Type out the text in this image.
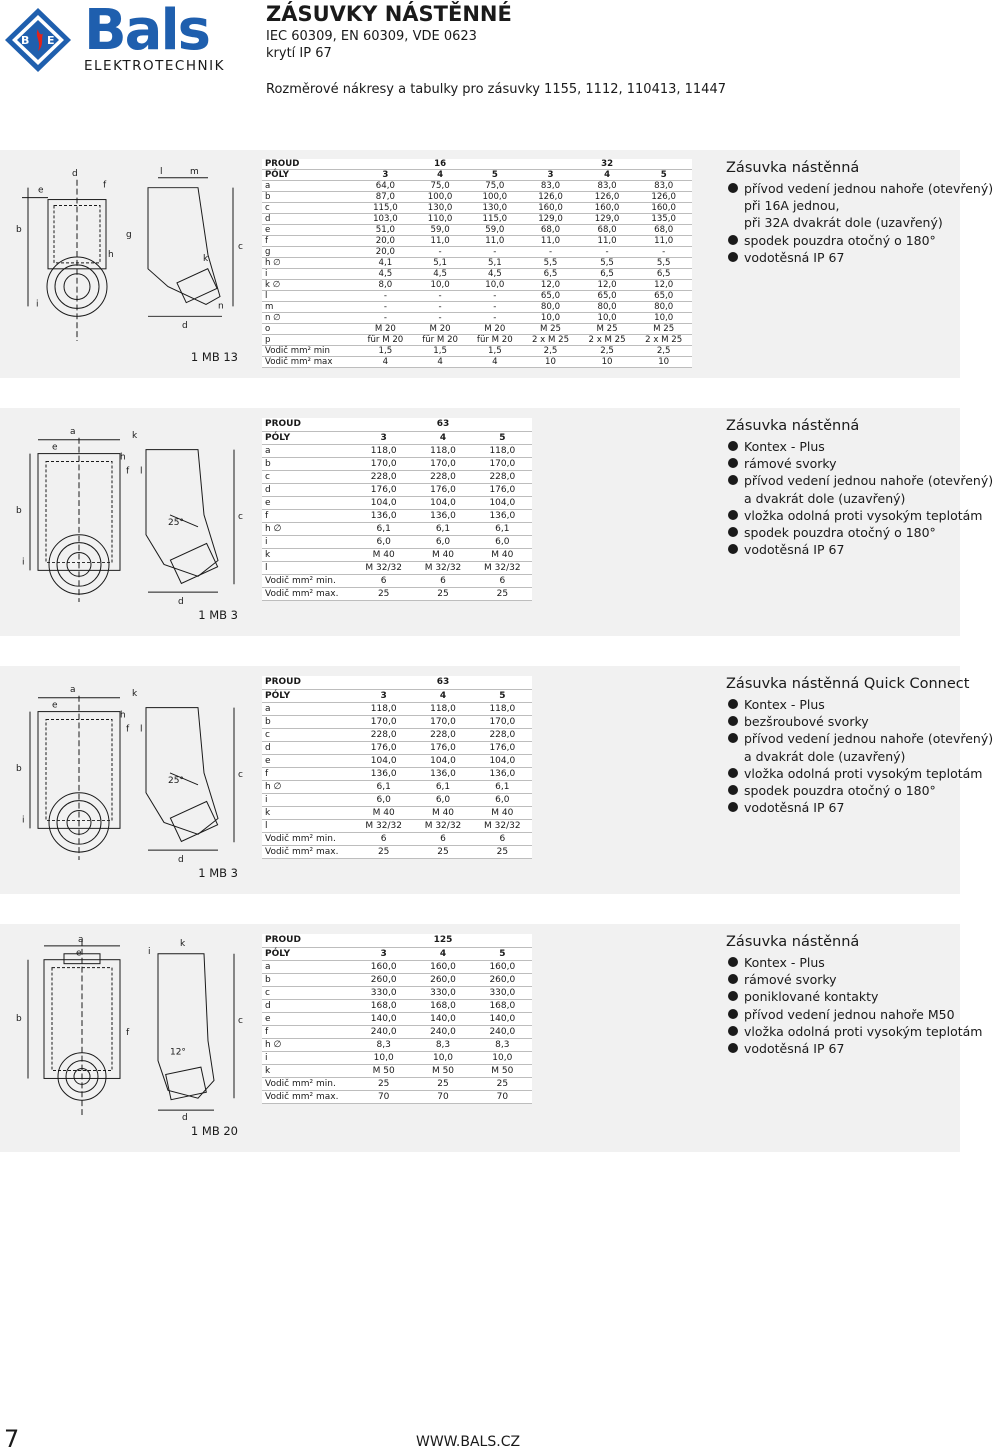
B E Bals
ELEKTROTECHNIK
ZÁSUVKY NÁSTĚNNÉ
IEC 60309, EN 60309, VDE 0623
krytí IP 67
Rozměrové nákresy a tabulky pro zásuvky 1155, 1112, 110413, 11447
d
f
l
e
m
b	g
h	k
c
i	n
d
1 MB 13
PROUD	16			32		
PÓLY	3	4	5	3	4	5
a	64,0	75,0	75,0	83,0	83,0	83,0
b	87,0	100,0	100,0	126,0	126,0	126,0
c	115,0	130,0	130,0	160,0	160,0	160,0
d	103,0	110,0	115,0	129,0	129,0	135,0
e	51,0	59,0	59,0	68,0	68,0	68,0
f	20,0	11,0	11,0	11,0	11,0	11,0
g	20,0	-	-	-	-	-
h ∅	4,1	5,1	5,1	5,5	5,5	5,5
i	4,5	4,5	4,5	6,5	6,5	6,5
k ∅	8,0	10,0	10,0	12,0	12,0	12,0
l	-	-	-	65,0	65,0	65,0
m	-	-	-	80,0	80,0	80,0
n ∅	-	-	-	10,0	10,0	10,0
o	M 20	M 20	M 20	M 25	M 25	M 25
p	für M 20	für M 20	für M 20	2 x M 25	2 x M 25	2 x M 25
Vodič mm² min	1,5	1,5	1,5	2,5	2,5	2,5
Vodič mm² max	4	4	4	10	10	10
Zásuvka nástěnná
přívod vedení jednou nahoře (otevřený)
při 16A jednou,
při 32A dvakrát dole (uzavřený)
spodek pouzdra otočný o 180°
vodotěsná IP 67
a
e
k
h
f l
b
c
i
25°
d
1 MB 3
PROUD	63		
PÓLY	3	4	5
a	118,0	118,0	118,0
b	170,0	170,0	170,0
c	228,0	228,0	228,0
d	176,0	176,0	176,0
e	104,0	104,0	104,0
f	136,0	136,0	136,0
h ∅	6,1	6,1	6,1
i	6,0	6,0	6,0
k	M 40	M 40	M 40
l	M 32/32	M 32/32	M 32/32
Vodič mm² min.	6	6	6
Vodič mm² max.	25	25	25
Zásuvka nástěnná
Kontex - Plus
rámové svorky
přívod vedení jednou nahoře (otevřený)
a dvakrát dole (uzavřený)
vložka odolná proti vysokým teplotám
spodek pouzdra otočný o 180°
vodotěsná IP 67
a
e
k
h
f l
b
c
i
25°
d
1 MB 3
PROUD	63		
PÓLY	3	4	5
a	118,0	118,0	118,0
b	170,0	170,0	170,0
c	228,0	228,0	228,0
d	176,0	176,0	176,0
e	104,0	104,0	104,0
f	136,0	136,0	136,0
h ∅	6,1	6,1	6,1
i	6,0	6,0	6,0
k	M 40	M 40	M 40
l	M 32/32	M 32/32	M 32/32
Vodič mm² min.	6	6	6
Vodič mm² max.	25	25	25
Zásuvka nástěnná Quick Connect
Kontex - Plus
bezšroubové svorky
přívod vedení jednou nahoře (otevřený)
a dvakrát dole (uzavřený)
vložka odolná proti vysokým teplotám
spodek pouzdra otočný o 180°
vodotěsná IP 67
a
e	i
k
b	c
f
12°
d
1 MB 20
PROUD	125		
PÓLY	3	4	5
a	160,0	160,0	160,0
b	260,0	260,0	260,0
c	330,0	330,0	330,0
d	168,0	168,0	168,0
e	140,0	140,0	140,0
f	240,0	240,0	240,0
h ∅	8,3	8,3	8,3
i	10,0	10,0	10,0
k	M 50	M 50	M 50
Vodič mm² min.	25	25	25
Vodič mm² max.	70	70	70
Zásuvka nástěnná
Kontex - Plus
rámové svorky
poniklované kontakty
přívod vedení jednou nahoře M50
vložka odolná proti vysokým teplotám
vodotěsná IP 67
7	WWW.BALS.CZ
